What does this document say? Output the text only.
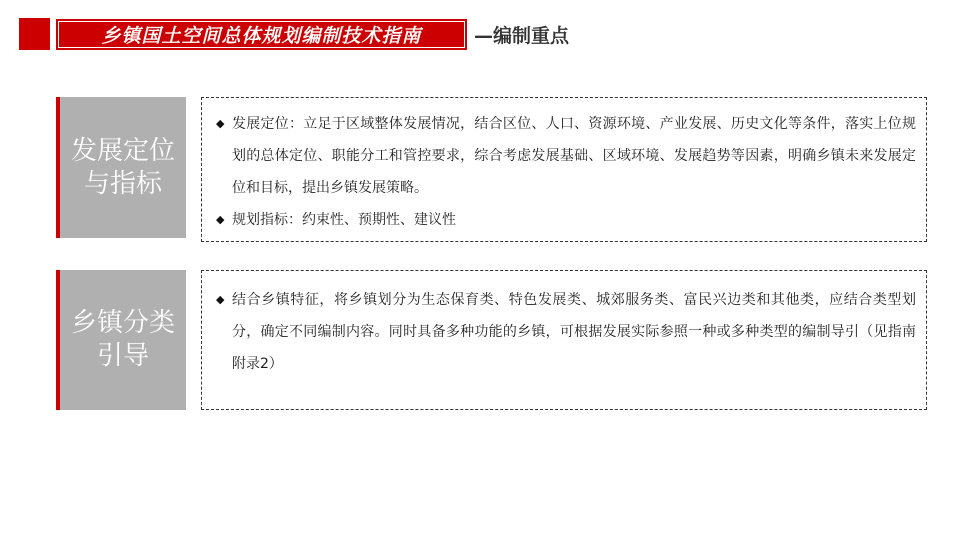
乡镇国土空间总体规划编制技术指南	—编制重点
发展定位与指标
◆ 发展定位：立足于区域整体发展情况，结合区位、人口、资源环境、产业发展、历史文化等条件，落实上位规划的总体定位、职能分工和管控要求，综合考虑发展基础、区域环境、发展趋势等因素，明确乡镇未来发展定位和目标，提出乡镇发展策略。
◆ 规划指标：约束性、预期性、建议性
乡镇分类引导
◆ 结合乡镇特征，将乡镇划分为生态保育类、特色发展类、城郊服务类、富民兴边类和其他类，应结合类型划分，确定不同编制内容。同时具备多种功能的乡镇，可根据发展实际参照一种或多种类型的编制导引（见指南附录2）
